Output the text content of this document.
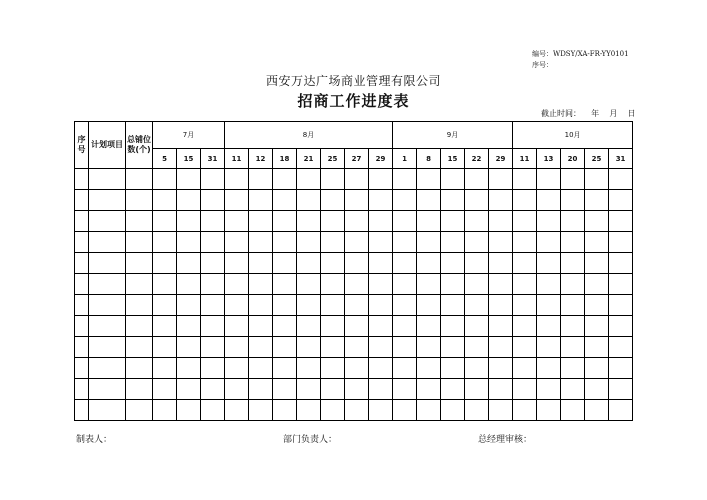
编号：WDSY/XA-FR-YY0101
序号：
西安万达广场商业管理有限公司
招商工作进度表
截止时间：    年    月    日
序号	计划项目	总铺位数(个)	7月			8月							9月					10月				
			5	15	31	11	12	18	21	25	27	29	1	8	15	22	29	11	13	20	25	31

制表人：	部门负责人：	总经理审核：
